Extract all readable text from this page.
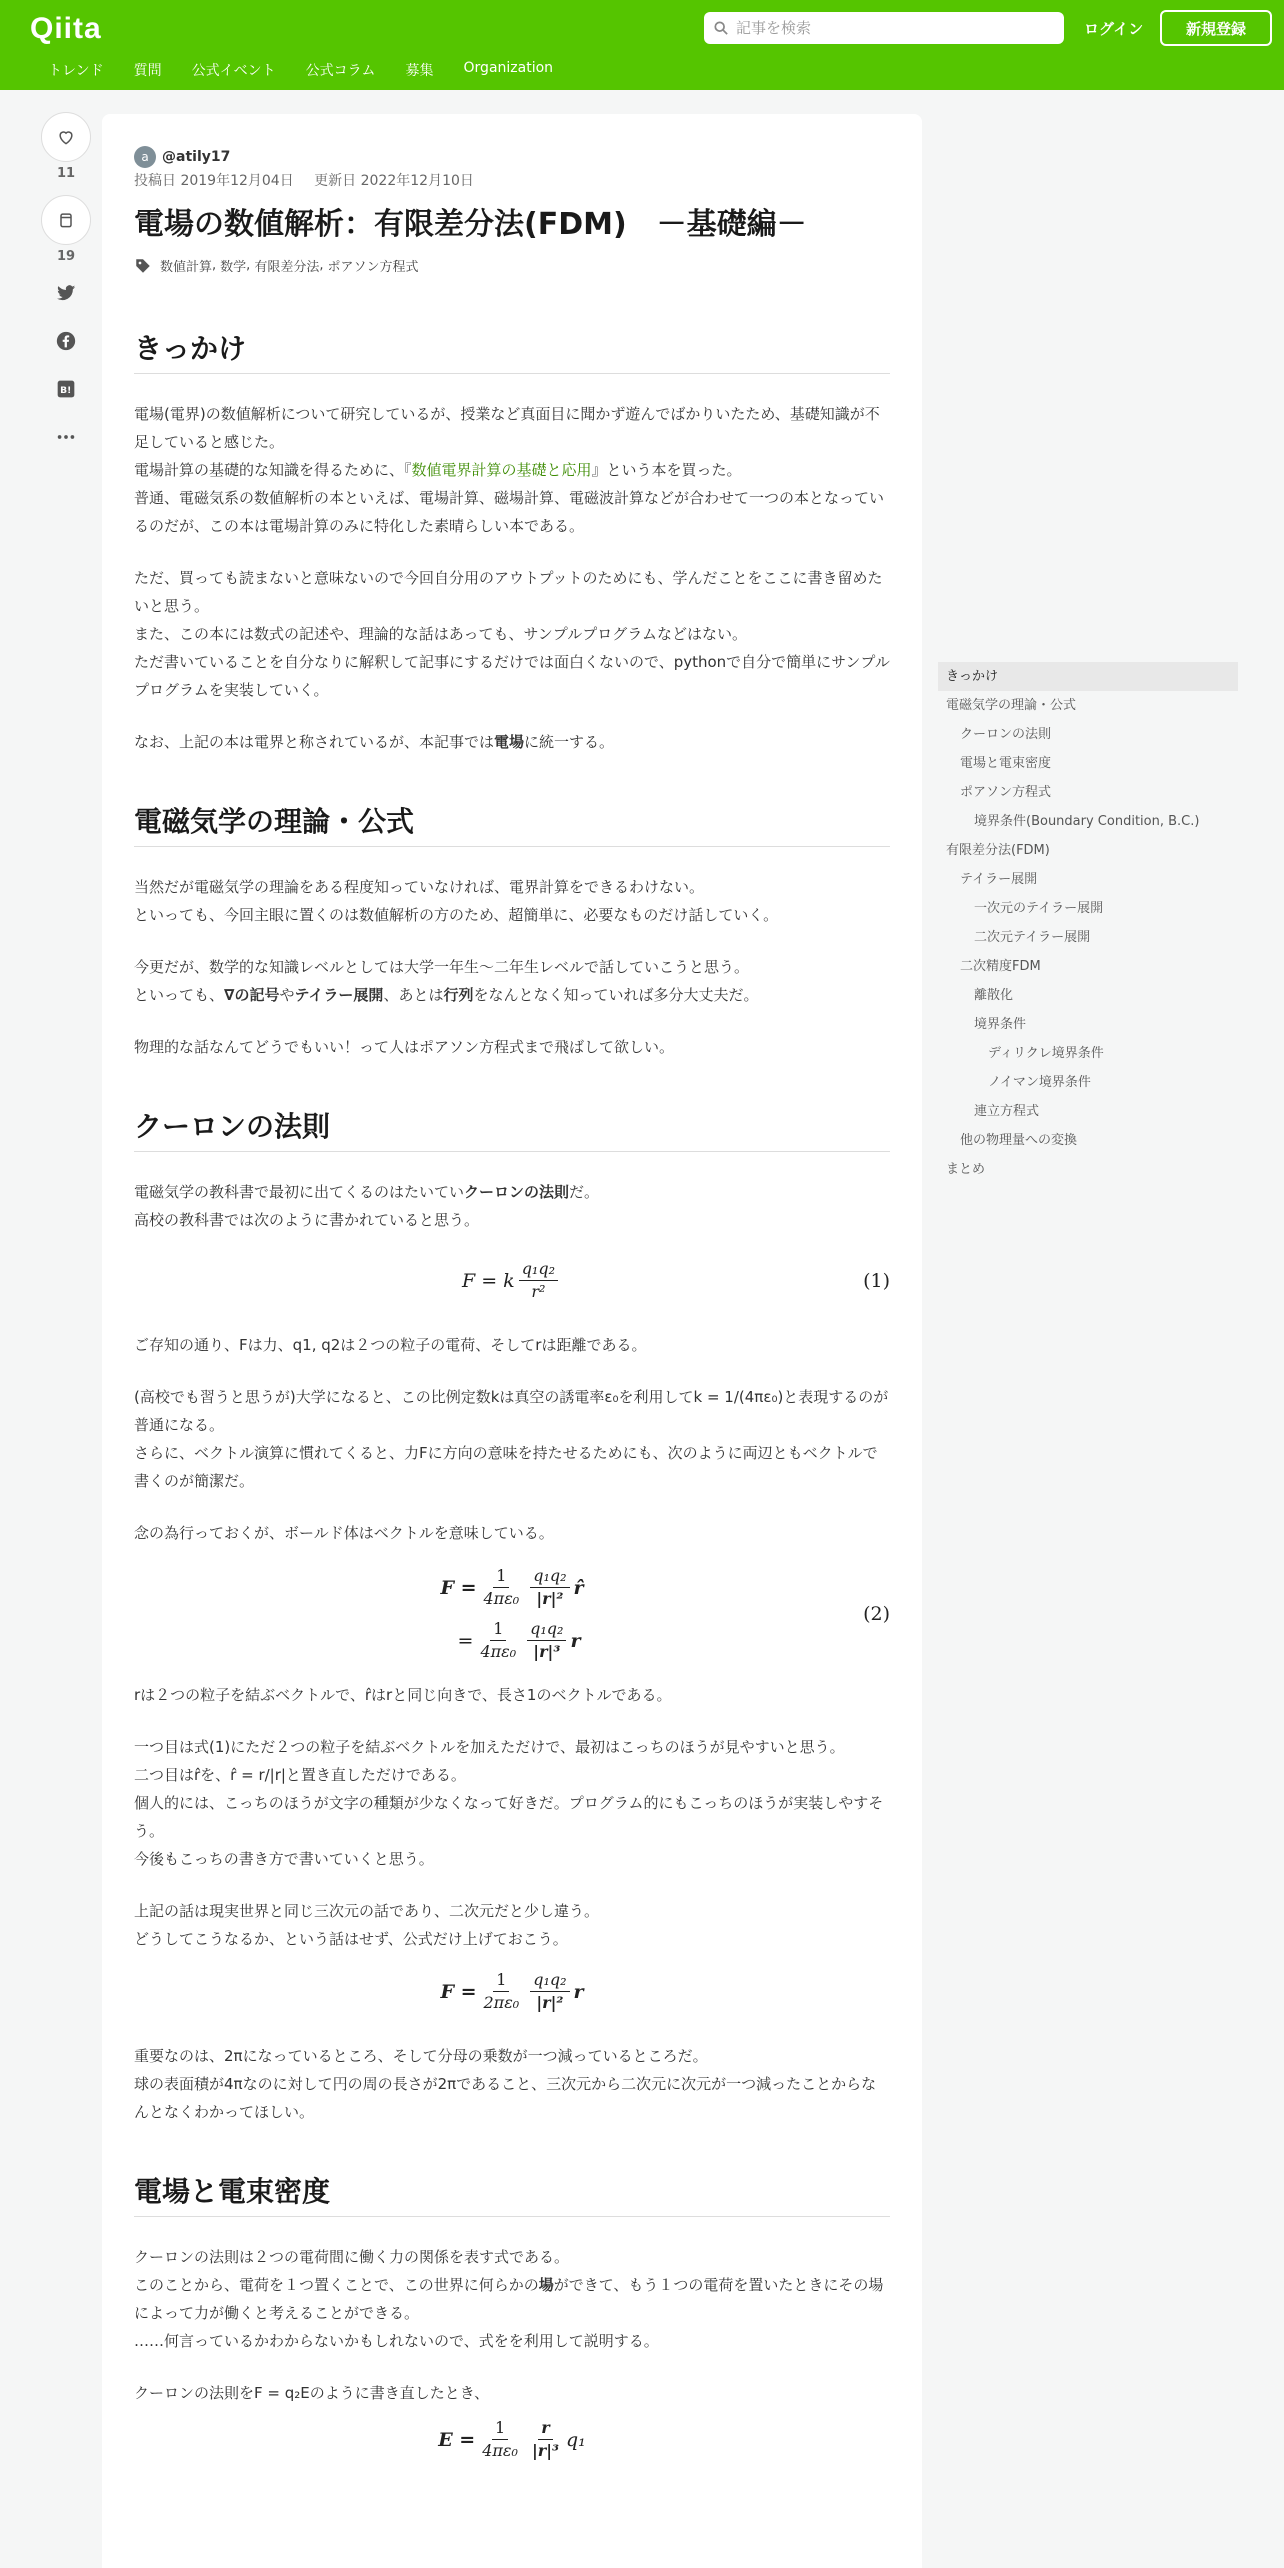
Qiita
記事を検索	ログイン	新規登録
トレンド 質問 公式イベント 公式コラム 募集 Organization
11
19
B!
a @atily17
投稿日 2019年12月04日 更新日 2022年12月10日
電場の数値解析：有限差分法(FDM)　－基礎編－
数値計算 , 数学 , 有限差分法 , ポアソン方程式
きっかけ

電場(電界)の数値解析について研究しているが、授業など真面目に聞かず遊んでばかりいたため、基礎知識が不足していると感じた。
電場計算の基礎的な知識を得るために、『数値電界計算の基礎と応用』という本を買った。
普通、電磁気系の数値解析の本といえば、電場計算、磁場計算、電磁波計算などが合わせて一つの本となっているのだが、この本は電場計算のみに特化した素晴らしい本である。

ただ、買っても読まないと意味ないので今回自分用のアウトプットのためにも、学んだことをここに書き留めたいと思う。
また、この本には数式の記述や、理論的な話はあっても、サンプルプログラムなどはない。
ただ書いていることを自分なりに解釈して記事にするだけでは面白くないので、pythonで自分で簡単にサンプルプログラムを実装していく。

なお、上記の本は電界と称されているが、本記事では電場に統一する。

電磁気学の理論・公式

当然だが電磁気学の理論をある程度知っていなければ、電界計算をできるわけない。
といっても、今回主眼に置くのは数値解析の方のため、超簡単に、必要なものだけ話していく。

今更だが、数学的な知識レベルとしては大学一年生～二年生レベルで話していこうと思う。
といっても、∇の記号やテイラー展開、あとは行列をなんとなく知っていれば多分大丈夫だ。

物理的な話なんてどうでもいい！って人はポアソン方程式まで飛ばして欲しい。

クーロンの法則

電磁気学の教科書で最初に出てくるのはたいていクーロンの法則だ。
高校の教科書では次のように書かれていると思う。

F = k $\frac{\text{q₁q₂}}{\text{r²}}$	(1)

ご存知の通り、Fは力、q1, q2は２つの粒子の電荷、そしてrは距離である。

(高校でも習うと思うが)大学になると、この比例定数kは真空の誘電率ε₀を利用してk = 1/(4πε₀)と表現するのが普通になる。
さらに、ベクトル演算に慣れてくると、力Fに方向の意味を持たせるためにも、次のように両辺ともベクトルで書くのが簡潔だ。

念の為行っておくが、ボールド体はベクトルを意味している。

$F = \frac{1}{\text{4πε₀}} \frac{\text{q₁q₂}}{\text{|r|²}}$ r̂
= $\frac{1}{\text{4πε₀}} \frac{\text{q₁q₂}}{\text{|r|³}}$ r
(2)

rは２つの粒子を結ぶベクトルで、r̂はrと同じ向きで、長さ1のベクトルである。

一つ目は式(1)にただ２つの粒子を結ぶベクトルを加えただけで、最初はこっちのほうが見やすいと思う。
二つ目はr̂を、r̂ = r/|r|と置き直しただけである。
個人的には、こっちのほうが文字の種類が少なくなって好きだ。プログラム的にもこっちのほうが実装しやすそう。
今後もこっちの書き方で書いていくと思う。

上記の話は現実世界と同じ三次元の話であり、二次元だと少し違う。
どうしてこうなるか、という話はせず、公式だけ上げておこう。

$F = \frac{1}{\text{2πε₀}} \frac{\text{q₁q₂}}{\text{|r|²}}$ r

重要なのは、2πになっているところ、そして分母の乗数が一つ減っているところだ。
球の表面積が4πなのに対して円の周の長さが2πであること、三次元から二次元に次元が一つ減ったことからなんとなくわかってほしい。

電場と電束密度

クーロンの法則は２つの電荷間に働く力の関係を表す式である。
このことから、電荷を１つ置くことで、この世界に何らかの場ができて、もう１つの電荷を置いたときにその場によって力が働くと考えることができる。
……何言っているかわからないかもしれないので、式をを利用して説明する。

クーロンの法則をF = q₂Eのように書き直したとき、

$E = \frac{1}{\text{4πε₀}} \frac{r}{\text{|r|³}} q_1$
きっかけ
電磁気学の理論・公式
クーロンの法則
電場と電束密度
ポアソン方程式
境界条件(Boundary Condition, B.C.)
有限差分法(FDM)
テイラー展開
一次元のテイラー展開
二次元テイラー展開
二次精度FDM
離散化
境界条件
ディリクレ境界条件
ノイマン境界条件
連立方程式
他の物理量への変換
まとめ
